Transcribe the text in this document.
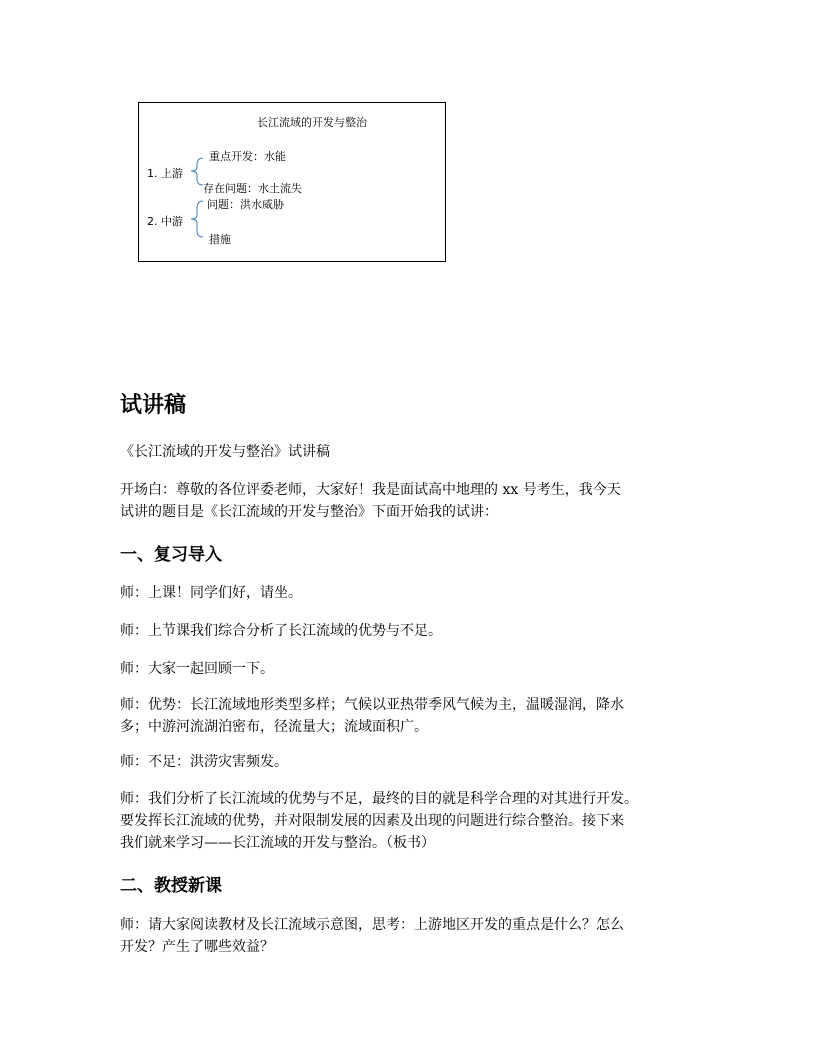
长江流域的开发与整治
1. 上游
重点开发：水能
存在问题：水土流失
2. 中游
问题：洪水威胁
措施
试讲稿
《长江流域的开发与整治》试讲稿
开场白：尊敬的各位评委老师，大家好！我是面试高中地理的 xx 号考生，我今天
试讲的题目是《长江流域的开发与整治》下面开始我的试讲：
一、复习导入
师：上课！同学们好，请坐。
师：上节课我们综合分析了长江流域的优势与不足。
师：大家一起回顾一下。
师：优势：长江流域地形类型多样；气候以亚热带季风气候为主，温暖湿润，降水
多；中游河流湖泊密布，径流量大；流域面积广。
师：不足：洪涝灾害频发。
师：我们分析了长江流域的优势与不足，最终的目的就是科学合理的对其进行开发。
要发挥长江流域的优势，并对限制发展的因素及出现的问题进行综合整治。接下来
我们就来学习——长江流域的开发与整治。（板书）
二、教授新课
师：请大家阅读教材及长江流域示意图，思考：上游地区开发的重点是什么？怎么
开发？产生了哪些效益？
